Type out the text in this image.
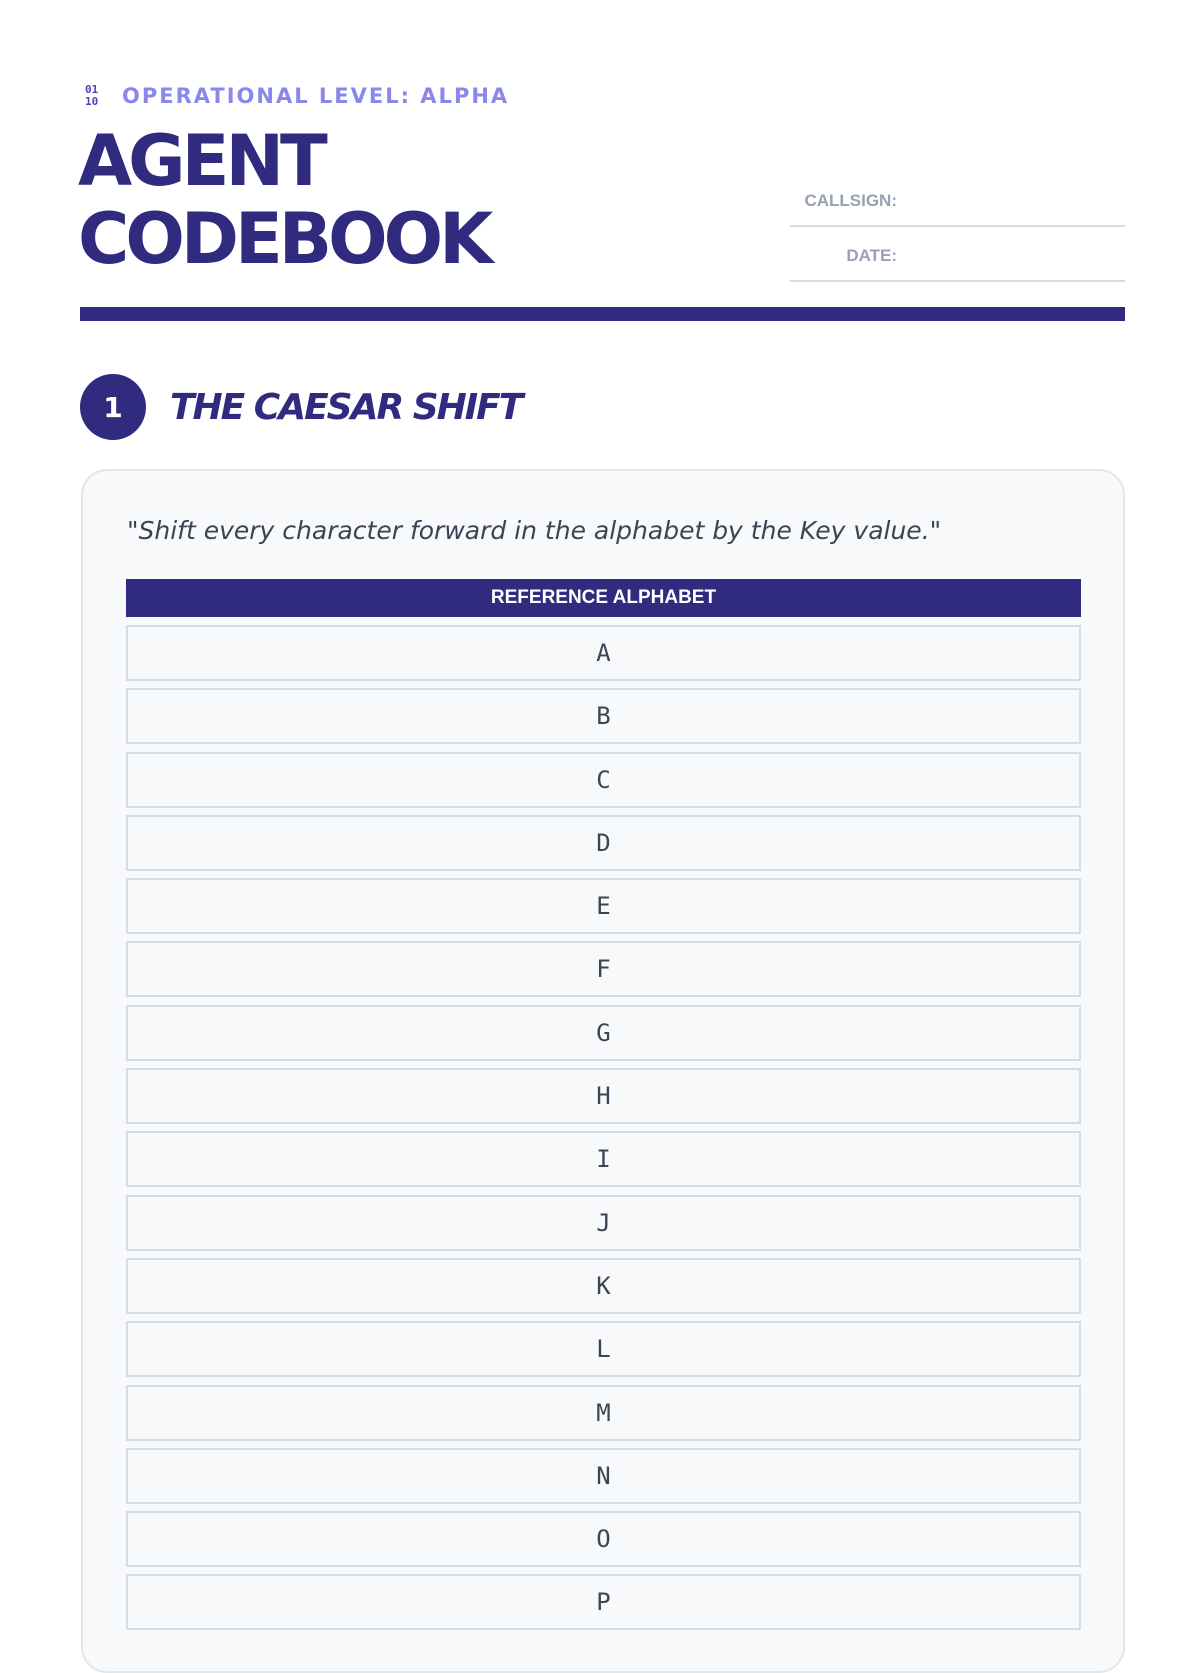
01
10	OPERATIONAL LEVEL: ALPHA
AGENT
CODEBOOK	CALLSIGN:
DATE:
1	THE CAESAR SHIFT
"Shift every character forward in the alphabet by the Key value."
REFERENCE ALPHABET
A
B
C
D
E
F
G
H
I
J
K
L
M
N
O
P
